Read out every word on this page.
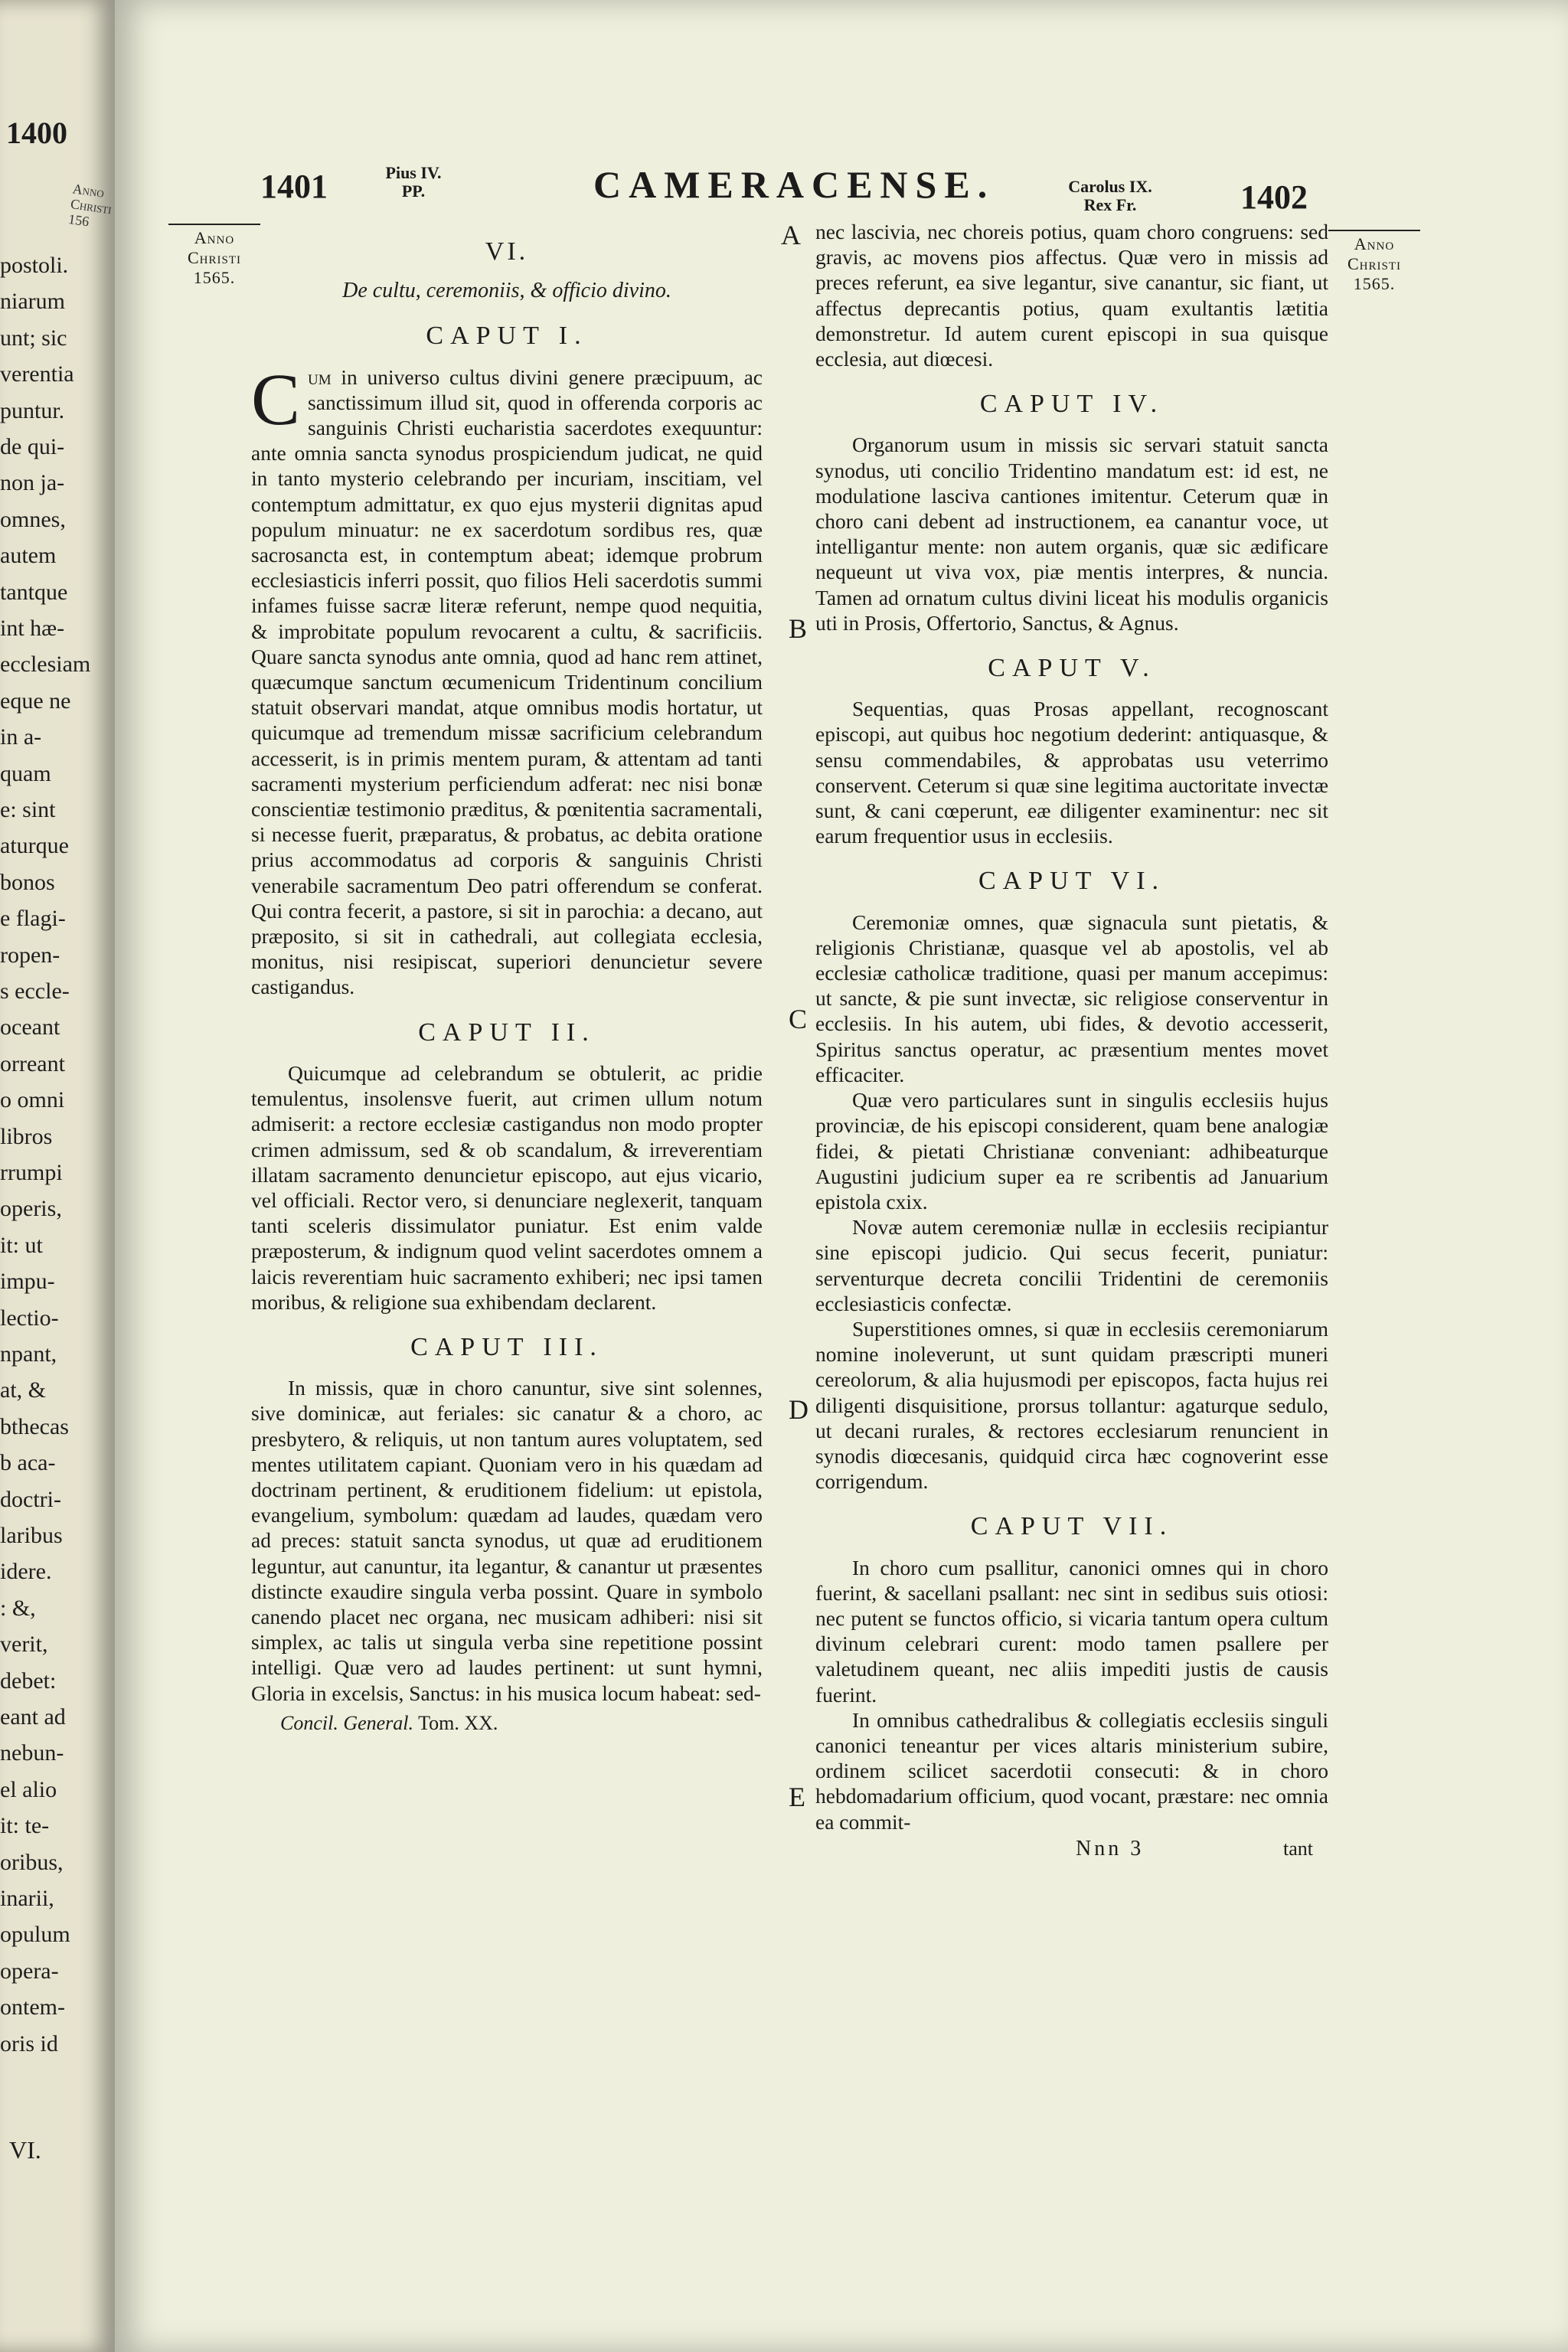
1400
Anno Christi 156
postoli.
niarum
unt; sic
verentia
puntur.
de qui-
non ja-
omnes,
autem
tantque
int hæ-
ecclesiam
eque ne
in a-
quam
e: sint
aturque
bonos
e flagi-
ropen-
s eccle-
oceant
orreant
o omni
libros
rrumpi
operis,
it: ut
impu-
lectio-
npant,
at, &
bthecas
b aca-
doctri-
laribus
idere.
: &,
verit,
debet:
eant ad
nebun-
el alio
it: te-
oribus,
inarii,
opulum
opera-
ontem-
oris id
VI.
1401	Pius IV.
PP.	CAMERACENSE.	Carolus IX.
Rex Fr.	1402
Anno
Christi
1565.
Anno
Christi
1565.
A
B
C
D
E
VI.
De cultu, ceremoniis, & officio divino.
CAPUT I.

Cum in universo cultus divini genere præcipuum, ac sanctissimum illud sit, quod in offerenda corporis ac sanguinis Christi eucharistia sacerdotes exequuntur: ante omnia sancta synodus prospiciendum judicat, ne quid in tanto mysterio celebrando per incuriam, inscitiam, vel contemptum admittatur, ex quo ejus mysterii dignitas apud populum minuatur: ne ex sacerdotum sordibus res, quæ sacrosancta est, in contemptum abeat; idemque probrum ecclesiasticis inferri possit, quo filios Heli sacerdotis summi infames fuisse sacræ literæ referunt, nempe quod nequitia, & improbitate populum revocarent a cultu, & sacrificiis. Quare sancta synodus ante omnia, quod ad hanc rem attinet, quæcumque sanctum œcumenicum Tridentinum concilium statuit observari mandat, atque omnibus modis hortatur, ut quicumque ad tremendum missæ sacrificium celebrandum accesserit, is in primis mentem puram, & attentam ad tanti sacramenti mysterium perficiendum adferat: nec nisi bonæ conscientiæ testimonio præditus, & pœnitentia sacramentali, si necesse fuerit, præparatus, & probatus, ac debita oratione prius accommodatus ad corporis & sanguinis Christi venerabile sacramentum Deo patri offerendum se conferat. Qui contra fecerit, a pastore, si sit in parochia: a decano, aut præposito, si sit in cathedrali, aut collegiata ecclesia, monitus, nisi resipiscat, superiori denuncietur severe castigandus.

CAPUT II.

Quicumque ad celebrandum se obtulerit, ac pridie temulentus, insolensve fuerit, aut crimen ullum notum admiserit: a rectore ecclesiæ castigandus non modo propter crimen admissum, sed & ob scandalum, & irreverentiam illatam sacramento denuncietur episcopo, aut ejus vicario, vel officiali. Rector vero, si denunciare neglexerit, tanquam tanti sceleris dissimulator puniatur. Est enim valde præposterum, & indignum quod velint sacerdotes omnem a laicis reverentiam huic sacramento exhiberi; nec ipsi tamen moribus, & religione sua exhibendam declarent.

CAPUT III.

In missis, quæ in choro canuntur, sive sint solennes, sive dominicæ, aut feriales: sic canatur & a choro, ac presbytero, & reliquis, ut non tantum aures voluptatem, sed mentes utilitatem capiant. Quoniam vero in his quædam ad doctrinam pertinent, & eruditionem fidelium: ut epistola, evangelium, symbolum: quædam ad laudes, quædam vero ad preces: statuit sancta synodus, ut quæ ad eruditionem leguntur, aut canuntur, ita legantur, & canantur ut præsentes distincte exaudire singula verba possint. Quare in symbolo canendo placet nec organa, nec musicam adhiberi: nisi sit simplex, ac talis ut singula verba sine repetitione possint intelligi. Quæ vero ad laudes pertinent: ut sunt hymni, Gloria in excelsis, Sanctus: in his musica locum habeat: sed-

Concil. General. Tom. XX.

nec lascivia, nec choreis potius, quam choro congruens: sed gravis, ac movens pios affectus. Quæ vero in missis ad preces referunt, ea sive legantur, sive canantur, sic fiant, ut affectus deprecantis potius, quam exultantis lætitia demonstretur. Id autem curent episcopi in sua quisque ecclesia, aut diœcesi.

CAPUT IV.

Organorum usum in missis sic servari statuit sancta synodus, uti concilio Tridentino mandatum est: id est, ne modulatione lasciva cantiones imitentur. Ceterum quæ in choro cani debent ad instructionem, ea canantur voce, ut intelligantur mente: non autem organis, quæ sic ædificare nequeunt ut viva vox, piæ mentis interpres, & nuncia. Tamen ad ornatum cultus divini liceat his modulis organicis uti in Prosis, Offertorio, Sanctus, & Agnus.

CAPUT V.

Sequentias, quas Prosas appellant, recognoscant episcopi, aut quibus hoc negotium dederint: antiquasque, & sensu commendabiles, & approbatas usu veterrimo conservent. Ceterum si quæ sine legitima auctoritate invectæ sunt, & cani cœperunt, eæ diligenter examinentur: nec sit earum frequentior usus in ecclesiis.

CAPUT VI.

Ceremoniæ omnes, quæ signacula sunt pietatis, & religionis Christianæ, quasque vel ab apostolis, vel ab ecclesiæ catholicæ traditione, quasi per manum accepimus: ut sancte, & pie sunt invectæ, sic religiose conserventur in ecclesiis. In his autem, ubi fides, & devotio accesserit, Spiritus sanctus operatur, ac præsentium mentes movet efficaciter.

Quæ vero particulares sunt in singulis ecclesiis hujus provinciæ, de his episcopi considerent, quam bene analogiæ fidei, & pietati Christianæ conveniant: adhibeaturque Augustini judicium super ea re scribentis ad Januarium epistola cxix.

Novæ autem ceremoniæ nullæ in ecclesiis recipiantur sine episcopi judicio. Qui secus fecerit, puniatur: serventurque decreta concilii Tridentini de ceremoniis ecclesiasticis confectæ.

Superstitiones omnes, si quæ in ecclesiis ceremoniarum nomine inoleverunt, ut sunt quidam præscripti muneri cereolorum, & alia hujusmodi per episcopos, facta hujus rei diligenti disquisitione, prorsus tollantur: agaturque sedulo, ut decani rurales, & rectores ecclesiarum renuncient in synodis diœcesanis, quidquid circa hæc cognoverint esse corrigendum.

CAPUT VII.

In choro cum psallitur, canonici omnes qui in choro fuerint, & sacellani psallant: nec sint in sedibus suis otiosi: nec putent se functos officio, si vicaria tantum opera cultum divinum celebrari curent: modo tamen psallere per valetudinem queant, nec aliis impediti justis de causis fuerint.

In omnibus cathedralibus & collegiatis ecclesiis singuli canonici teneantur per vices altaris ministerium subire, ordinem scilicet sacerdotii consecuti: & in choro hebdomadarium officium, quod vocant, præstare: nec omnia ea commit-

Nnn 3	tant
